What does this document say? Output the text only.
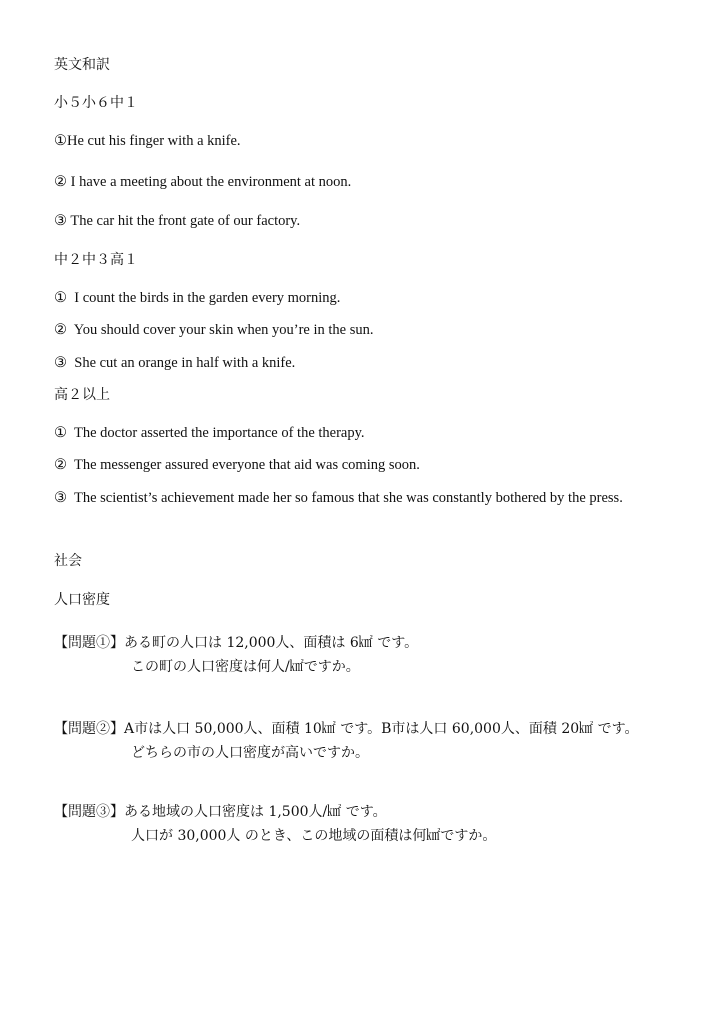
英文和訳
小５小６中１
①He cut his finger with a knife.
② I have a meeting about the environment at noon.
③ The car hit the front gate of our factory.
中２中３高１
①  I count the birds in the garden every morning.
②  You should cover your skin when you’re in the sun.
③  She cut an orange in half with a knife.
高２以上
①  The doctor asserted the importance of the therapy.
②  The messenger assured everyone that aid was coming soon.
③  The scientist’s achievement made her so famous that she was constantly bothered by the press.
社会
人口密度
【問題①】ある町の人口は 12,000人、面積は 6㎢ です。
この町の人口密度は何人/㎢ですか。
【問題②】A市は人口 50,000人、面積 10㎢ です。B市は人口 60,000人、面積 20㎢ です。
どちらの市の人口密度が高いですか。
【問題③】ある地域の人口密度は 1,500人/㎢ です。
人口が 30,000人 のとき、この地域の面積は何㎢ですか。
